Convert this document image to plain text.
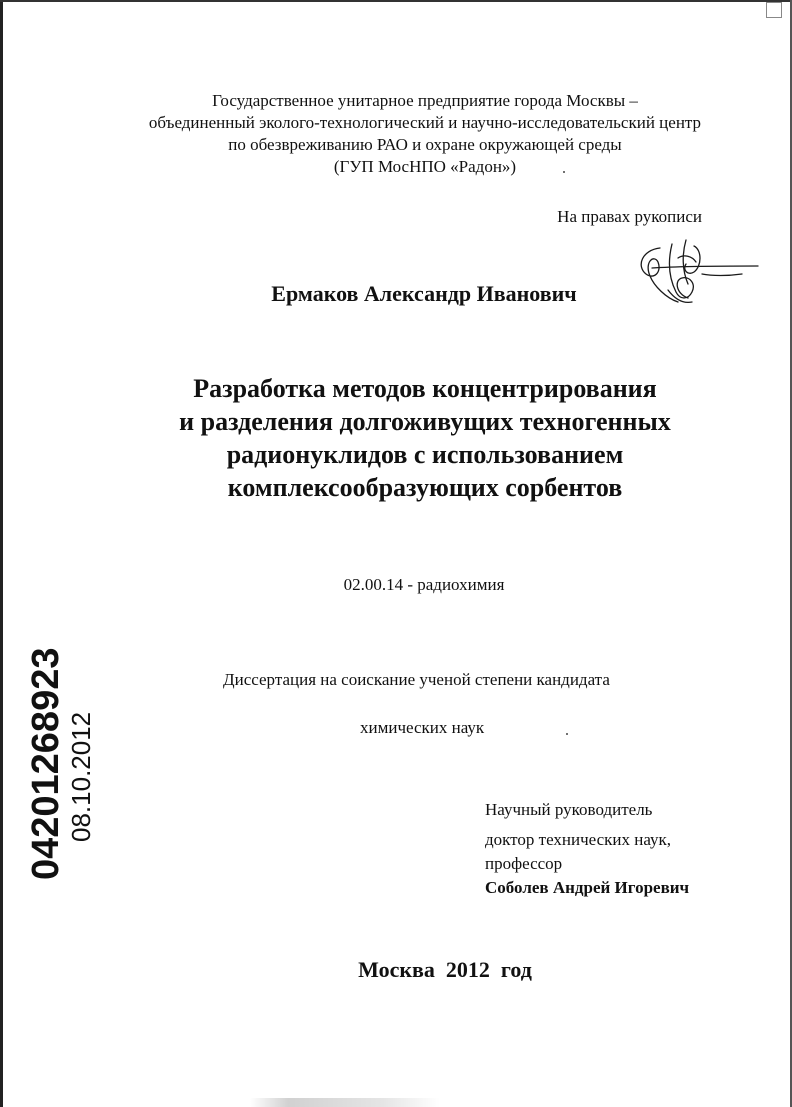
Государственное унитарное предприятие города Москвы –
объединенный эколого-технологический и научно-исследовательский центр
по обезвреживанию РАО и охране окружающей среды
(ГУП МосНПО «Радон»)
На правах рукописи
Ермаков Александр Иванович
Разработка методов концентрирования
и разделения долгоживущих техногенных
радионуклидов с использованием
комплексообразующих сорбентов
02.00.14 - радиохимия
Диссертация на соискание ученой степени кандидата
химических наук
Научный руководитель
доктор технических наук,
профессор
Соболев Андрей Игоревич
Москва  2012  год
04201268923 08.10.2012
